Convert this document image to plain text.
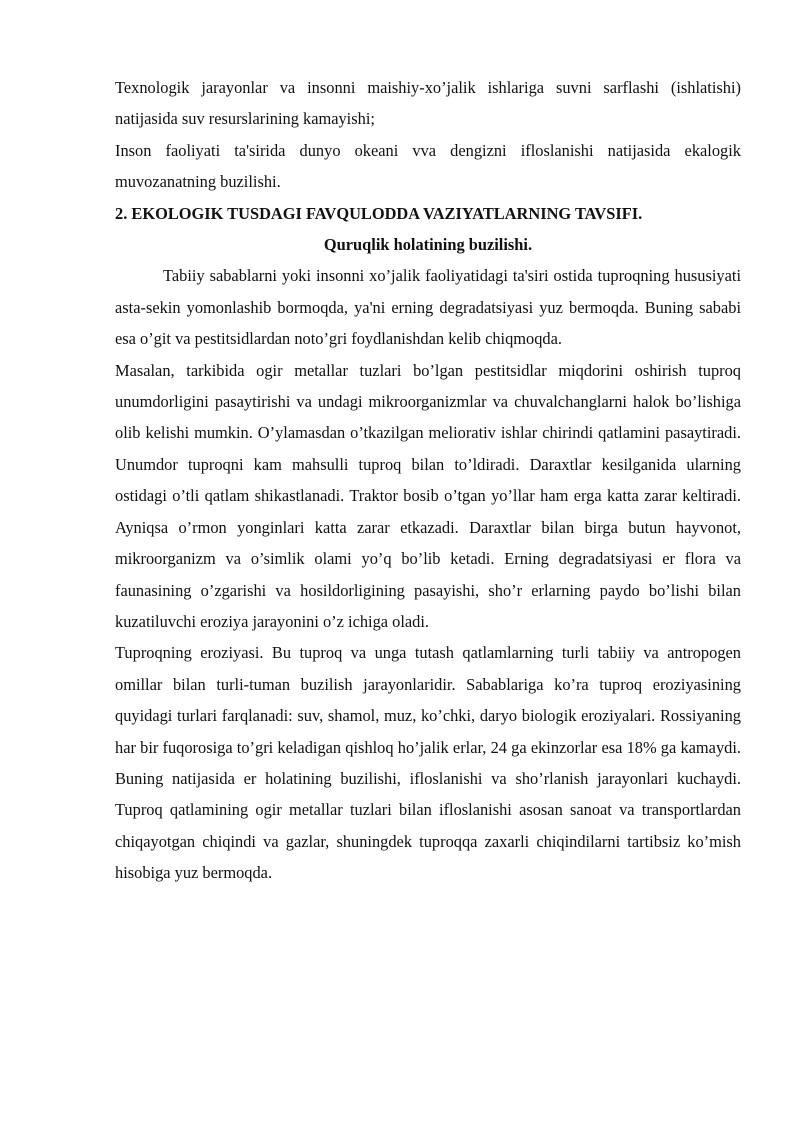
Texnologik jarayonlar va insonni maishiy-xo’jalik ishlariga suvni sarflashi (ishlatishi) natijasida suv resurslarining kamayishi;

Inson faoliyati ta'sirida dunyo okeani vva dengizni ifloslanishi natijasida ekalogik muvozanatning buzilishi.

2. EKOLOGIK TUSDAGI FAVQULODDA VAZIYATLARNING TAVSIFI.

Quruqlik holatining buzilishi.

Tabiiy sabablarni yoki insonni xo’jalik faoliyatidagi ta'siri ostida tuproqning hususiyati asta-sekin yomonlashib bormoqda, ya'ni erning degradatsiyasi yuz bermoqda. Buning sababi esa o’git va pestitsidlardan noto’gri foydlanishdan kelib chiqmoqda.

Masalan, tarkibida ogir metallar tuzlari bo’lgan pestitsidlar miqdorini oshirish tuproq unumdorligini pasaytirishi va undagi mikroorganizmlar va chuvalchanglarni halok bo’lishiga olib kelishi mumkin. O’ylamasdan o’tkazilgan meliorativ ishlar chirindi qatlamini pasaytiradi. Unumdor tuproqni kam mahsulli tuproq bilan to’ldiradi. Daraxtlar kesilganida ularning ostidagi o’tli qatlam shikastlanadi. Traktor bosib o’tgan yo’llar ham erga katta zarar keltiradi. Ayniqsa o’rmon yonginlari katta zarar etkazadi. Daraxtlar bilan birga butun hayvonot, mikroorganizm va o’simlik olami yo’q bo’lib ketadi. Erning degradatsiyasi er flora va faunasining o’zgarishi va hosildorligining pasayishi, sho’r erlarning paydo bo’lishi bilan kuzatiluvchi eroziya jarayonini o’z ichiga oladi.

Tuproqning eroziyasi. Bu tuproq va unga tutash qatlamlarning turli tabiiy va antropogen omillar bilan turli-tuman buzilish jarayonlaridir. Sabablariga ko’ra tuproq eroziyasining quyidagi turlari farqlanadi: suv, shamol, muz, ko’chki, daryo biologik eroziyalari. Rossiyaning har bir fuqorosiga to’gri keladigan qishloq ho’jalik erlar, 24 ga ekinzorlar esa 18% ga kamaydi. Buning natijasida er holatining buzilishi, ifloslanishi va sho’rlanish jarayonlari kuchaydi. Tuproq qatlamining ogir metallar tuzlari bilan ifloslanishi asosan sanoat va transportlardan chiqayotgan chiqindi va gazlar, shuningdek tuproqqa zaxarli chiqindilarni tartibsiz ko’mish hisobiga yuz bermoqda.
